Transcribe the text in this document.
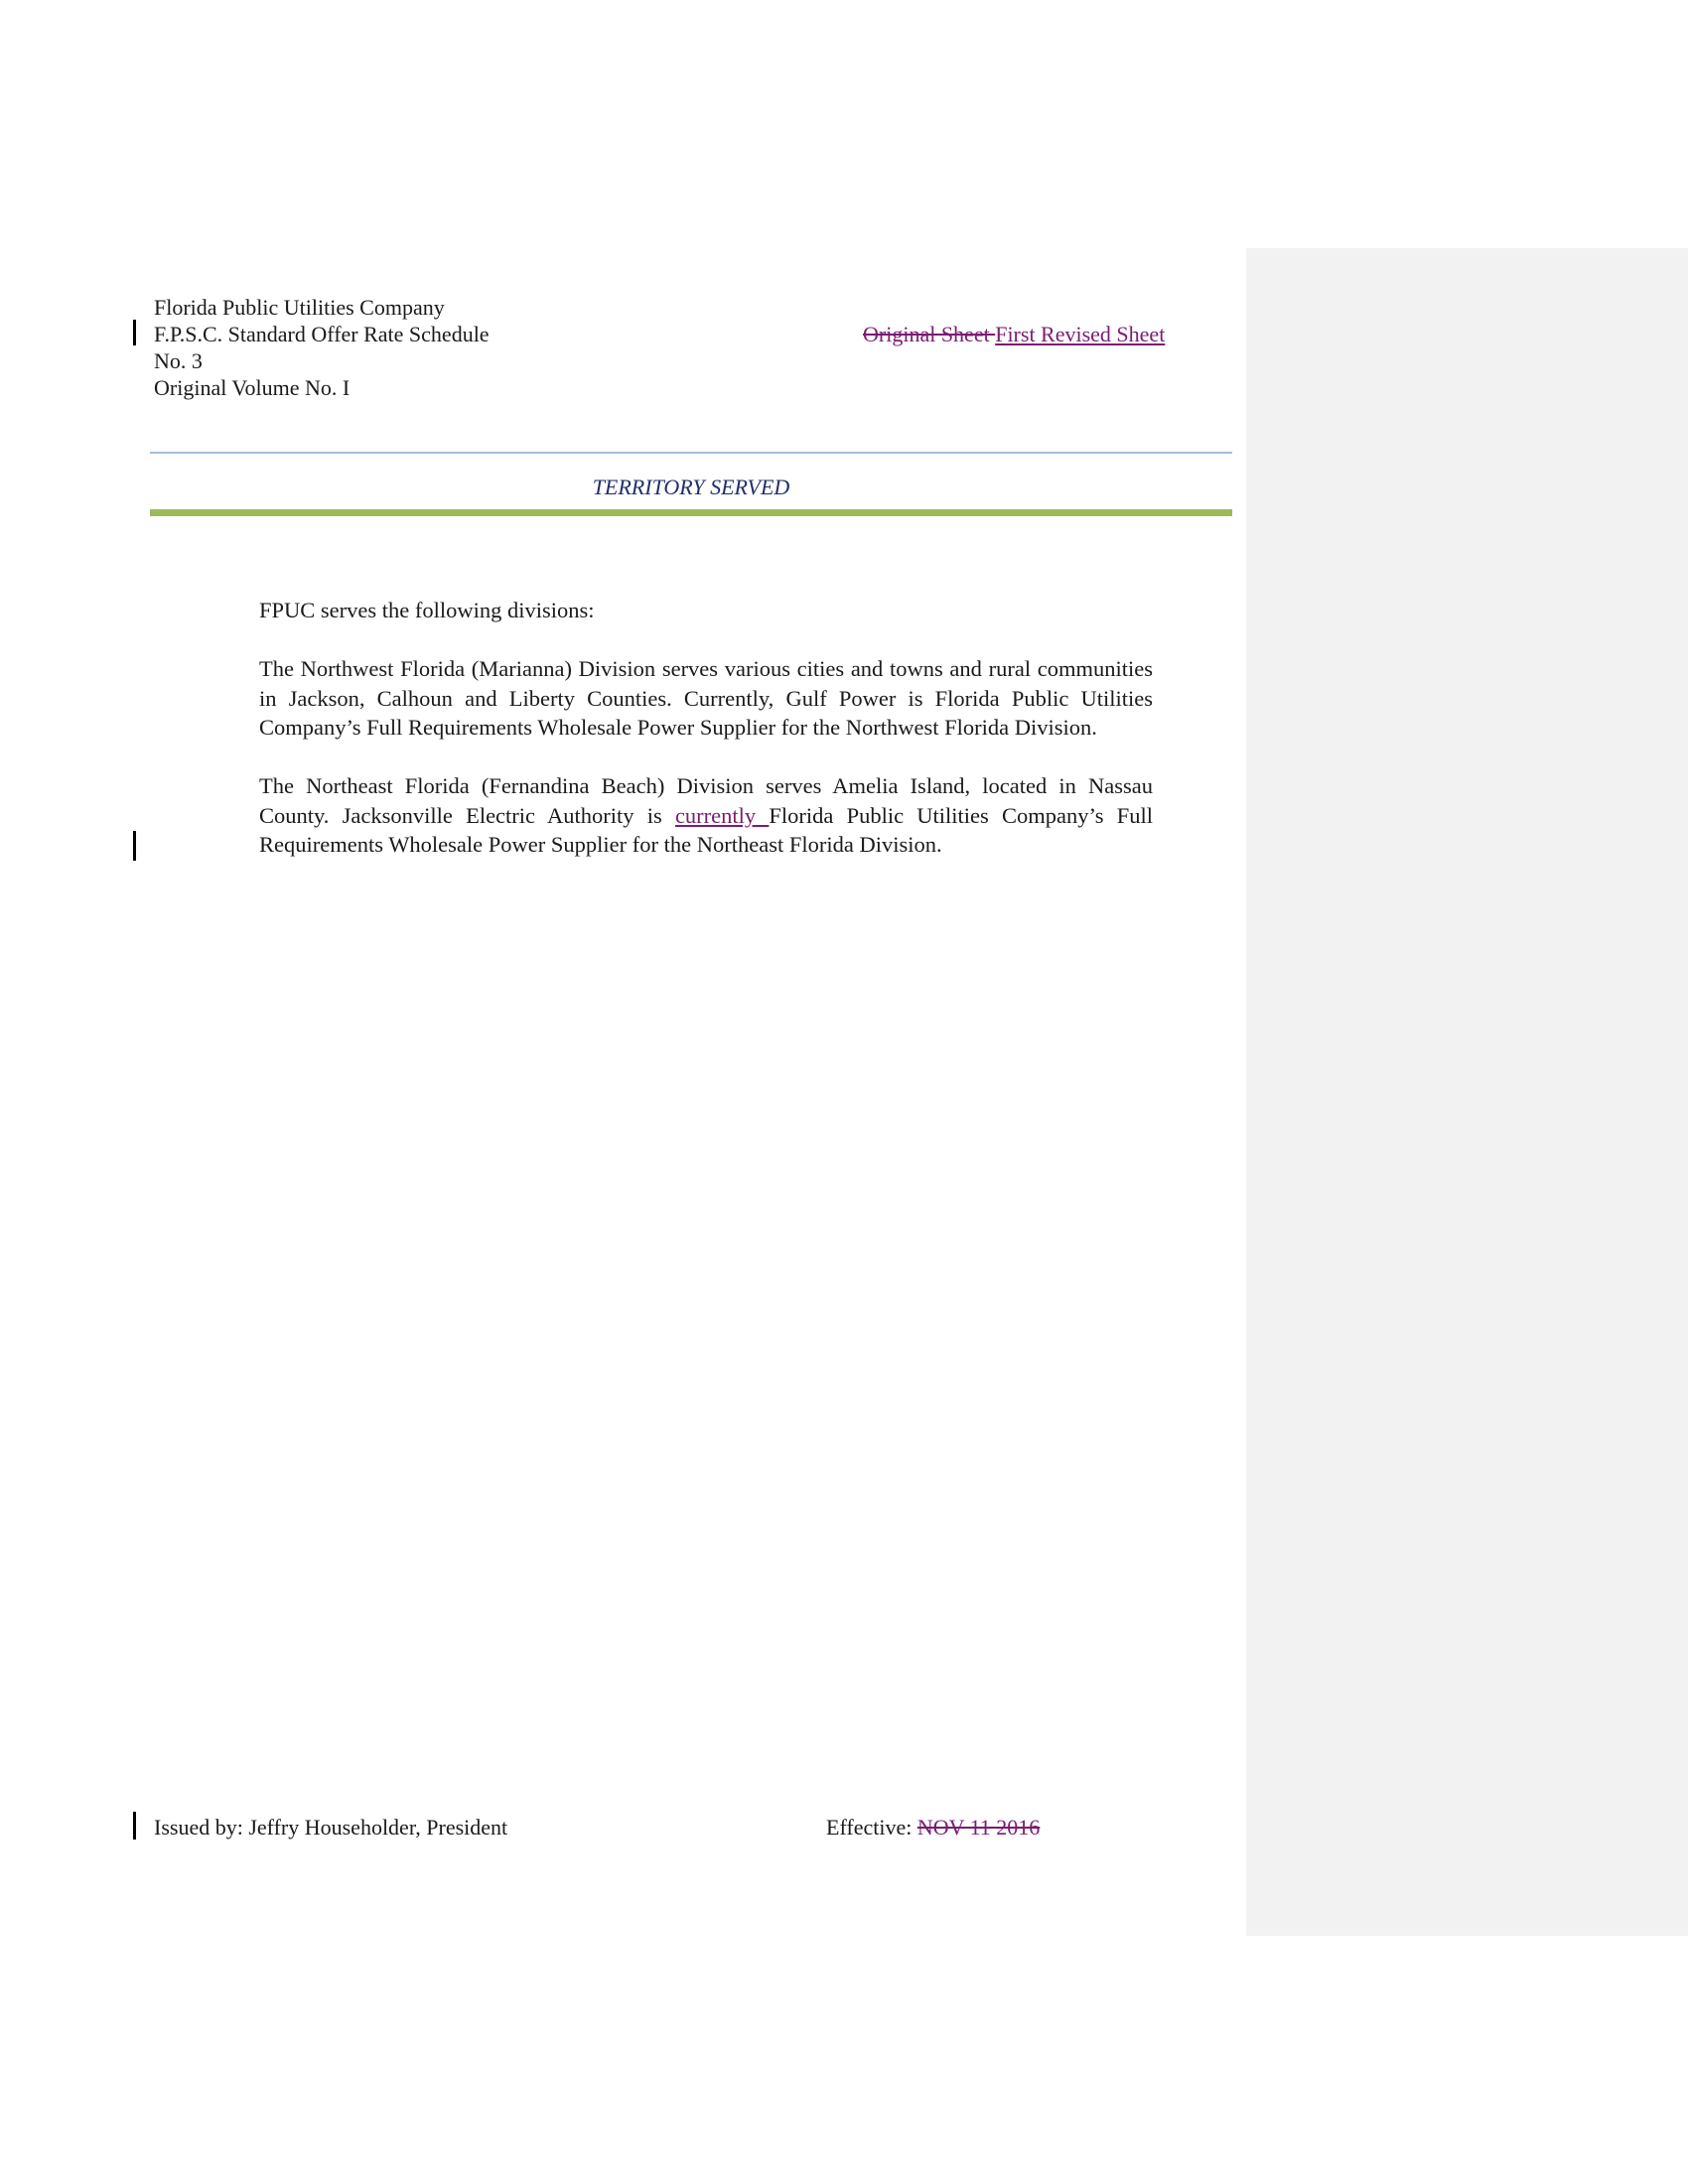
Florida Public Utilities Company
F.P.S.C. Standard Offer Rate Schedule
No. 3
Original Volume No. I
Original Sheet First Revised Sheet
TERRITORY SERVED

FPUC serves the following divisions:

The Northwest Florida (Marianna) Division serves various cities and towns and rural communities in Jackson, Calhoun and Liberty Counties. Currently, Gulf Power is Florida Public Utilities Company’s Full Requirements Wholesale Power Supplier for the Northwest Florida Division.

The Northeast Florida (Fernandina Beach) Division serves Amelia Island, located in Nassau County. Jacksonville Electric Authority is currently Florida Public Utilities Company’s Full Requirements Wholesale Power Supplier for the Northeast Florida Division.

Issued by: Jeffry Householder, President	Effective: NOV 11 2016
